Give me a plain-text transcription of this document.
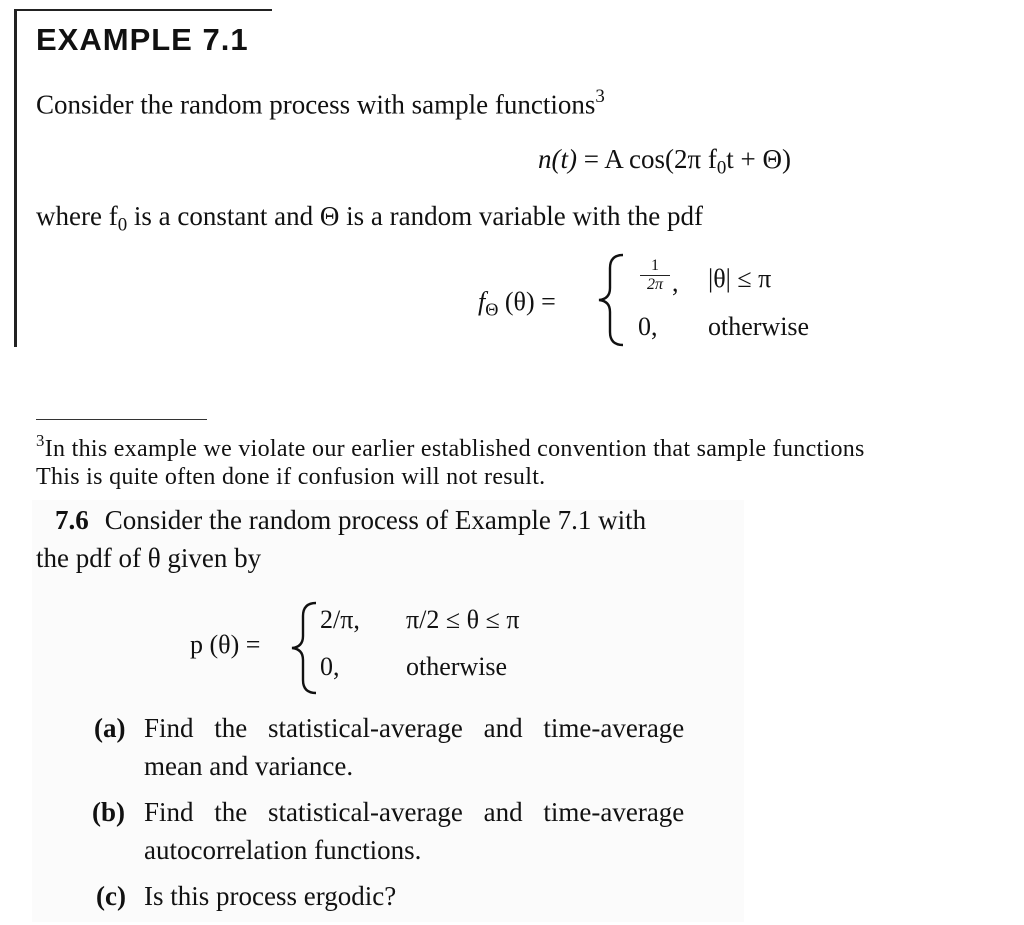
EXAMPLE 7.1
Consider the random process with sample functions$^3$
n(t) = A cos(2π $f_0t + \Theta$)
where $f_0$ is a constant and Θ is a random variable with the pdf
$f_\Theta$ (θ) =
$\frac{1}{2\pi}$ , |θ| ≤ π
0, otherwise
$^3$In this example we violate our earlier established convention that sample functions
This is quite often done if confusion will not result.
7.6 Consider the random process of Example 7.1 with
the pdf of θ given by
p (θ) =
2/π, π/2 ≤ θ ≤ π
0,	otherwise
(a) Find the statistical-average and time-average
mean and variance.
(b) Find the statistical-average and time-average
autocorrelation functions.
(c) Is this process ergodic?
